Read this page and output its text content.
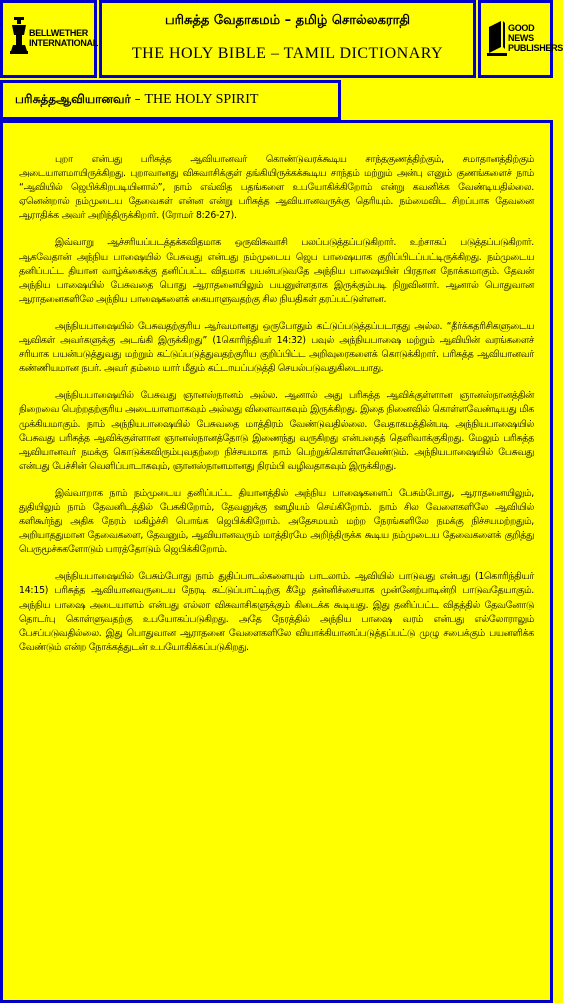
BELLWETHER INTERNATIONAL
பரிசுத்த வேதாகமம் – தமிழ் சொல்லகராதி
THE HOLY BIBLE – TAMIL DICTIONARY
GOOD NEWS PUBLISHERS
பரிசுத்தஆவியானவர் – THE HOLY SPIRIT

புறா என்பது பரிசுத்த ஆவியானவர் கொண்டுவரக்கூடிய சாந்தகுணத்திற்கும், சமாதானத்திற்கும் அடையாளமாயிருக்கிறது. புறாவானது விசுவாசிக்குள் தங்கியிருக்கக்கூடிய சாந்தம் மற்றும் அன்பு எனும் குணங்களைச் நாம் “ஆவியில் ஜெபிக்கிறபடியினால்”, நாம் எவ்வித பதங்களை உபயோகிக்கிறோம் என்று கவனிக்க வேண்டியதில்லை. ஏனென்றால் நம்முடைய தேவைகள் என்ன என்று பரிசுத்த ஆவியானவருக்கு தெரியும். நம்மைவிட சிறப்பாக தேவனை ஆராதிக்க அவர் அறிந்திருக்கிறார். (ரோமர் 8:26-27).

இவ்வாறு ஆச்சரியப்படத்தக்கவிதமாக ஒருவிசுவாசி பலப்படுத்தப்படுகிறார். உற்சாகப் படுத்தப்படுகிறார். ஆகவேதான் அந்நிய பாஷையில் பேசுவது என்பது நம்முடைய ஜெப பாஷையாக குறிப்பிடப்பட்டிருக்கிறது. நம்முடைய தனிப்பட்ட தியான வாழ்க்கைக்கு தனிப்பட்ட விதமாக பயன்படுவதே அந்நிய பாஷையின் பிரதான நோக்கமாகும். தேவன் அந்நிய பாஷையில் பேசுவதை பொது ஆராதனையிலும் பயனுள்ளதாக இருக்கும்படி நிறுவினார். ஆனால் பொதுவான ஆராதனைகளிலே அந்நிய பாஷைகளைக் கையாளுவதற்கு சில நியதிகள் தரப்பட்டுள்ளன.

அந்நியபாஷையில் பேசுவதற்குரிய ஆர்வமானது ஒருபோதும் கட்டுப்படுத்தப்படாதது அல்ல. “தீர்க்கதரிசிகளுடைய ஆவிகள் அவர்களுக்கு அடங்கி இருக்கிறது” (1கொரிந்தியர் 14:32) பவுல் அந்நியபாஷை மற்றும் ஆவியின் வரங்களைச் சரியாக பயன்படுத்துவது மற்றும் கட்டுப்படுத்துவதற்குரிய குறிப்பிட்ட அறிவுரைகளைக் கொடுக்கிறார். பரிசுத்த ஆவியானவர் கண்ணியமான நபர். அவர் தம்மை யார் மீதும் கட்டாயப்படுத்தி செயல்படுவதுகிடையாது.

அந்நியபாஷையில் பேசுவது ஞானஸ்நானம் அல்ல. ஆனால் அது பரிசுத்த ஆவிக்குள்ளான ஞானஸ்நானத்தின் நிறைவை பெற்றதற்குரிய அடையாளமாகவும் அல்லது விளைவாகவும் இருக்கிறது. இதை நினைவில் கொள்ளவேண்டியது மிக முக்கியமாகும். நாம் அந்நியபாஷையில் பேசுவதை மாத்திரம் வேண்டுவதில்லை. வேதாகமத்தின்படி அந்நியபாஷையில் பேசுவது பரிசுத்த ஆவிக்குள்ளான ஞானஸ்நானத்தோடு இணைந்து வருகிறது என்பதைத் தெளிவாக்குகிறது. மேலும் பரிசுத்த ஆவியானவர் நமக்கு கொடுக்கவிரும்புவதற்றை நிச்சயமாக நாம் பெற்றுக்கொள்ளவேண்டும். அந்நியபாஷையில் பேசுவது என்பது பேச்சின் வெளிப்பாடாகவும், ஞானஸ்நானமானது நிரம்பி வழிவதாகவும் இருக்கிறது.

இவ்வாறாக நாம் நம்முடைய தனிப்பட்ட தியானத்தில் அந்நிய பாஷைகளைப் பேசும்போது, ஆராதனையிலும், துதியிலும் நாம் தேவனிடத்தில் பேசுகிறோம், தேவனுக்கு ஊழியம் செய்கிறோம். நாம் சில வேளைகளிலே ஆவியில் களிகூர்ந்து அதிக நேரம் மகிழ்ச்சி பொங்க ஜெபிக்கிறோம். அதேசமயம் மற்ற நேரங்களிலே நமக்கு நிச்சயமற்றதும், அறியாததுமான தேவைகளை, தேவனும், ஆவியானவரும் மாத்திரமே அறிந்திருக்க கூடிய நம்முடைய தேவைகளைக் குறித்து பெருமூச்சுகளோடும் பாரத்தோடும் ஜெபிக்கிறோம்.

அந்நியபாஷையில் பேசும்போது நாம் துதிப்பாடல்களையும் பாடலாம். ஆவியில் பாடுவது என்பது (1கொரிந்தியர் 14:15) பரிசுத்த ஆவியானவருடைய நேரடி கட்டுப்பாட்டிற்கு கீழே தன்னிச்சையாக முன்னேற்பாடின்றி பாடுவதேயாகும். அந்நிய பாஷை அடையாளம் என்பது எல்லா விசுவாசிகளுக்கும் கிடைக்க கூடியது. இது தனிப்பட்ட விதத்தில் தேவனோடு தொடர்பு கொள்ளுவதற்கு உபயோகப்படுகிறது. அதே நேரத்தில் அந்நிய பாஷை வரம் என்பது எல்லோராலும் பேசப்படுவதில்லை. இது பொதுவான ஆராதனை வேளைகளிலே வியாக்கியானப்படுத்தப்பட்டு முழு சபைக்கும் பயனளிக்க வேண்டும் என்ற நோக்கத்துடன் உபயோகிக்கப்படுகிறது.
